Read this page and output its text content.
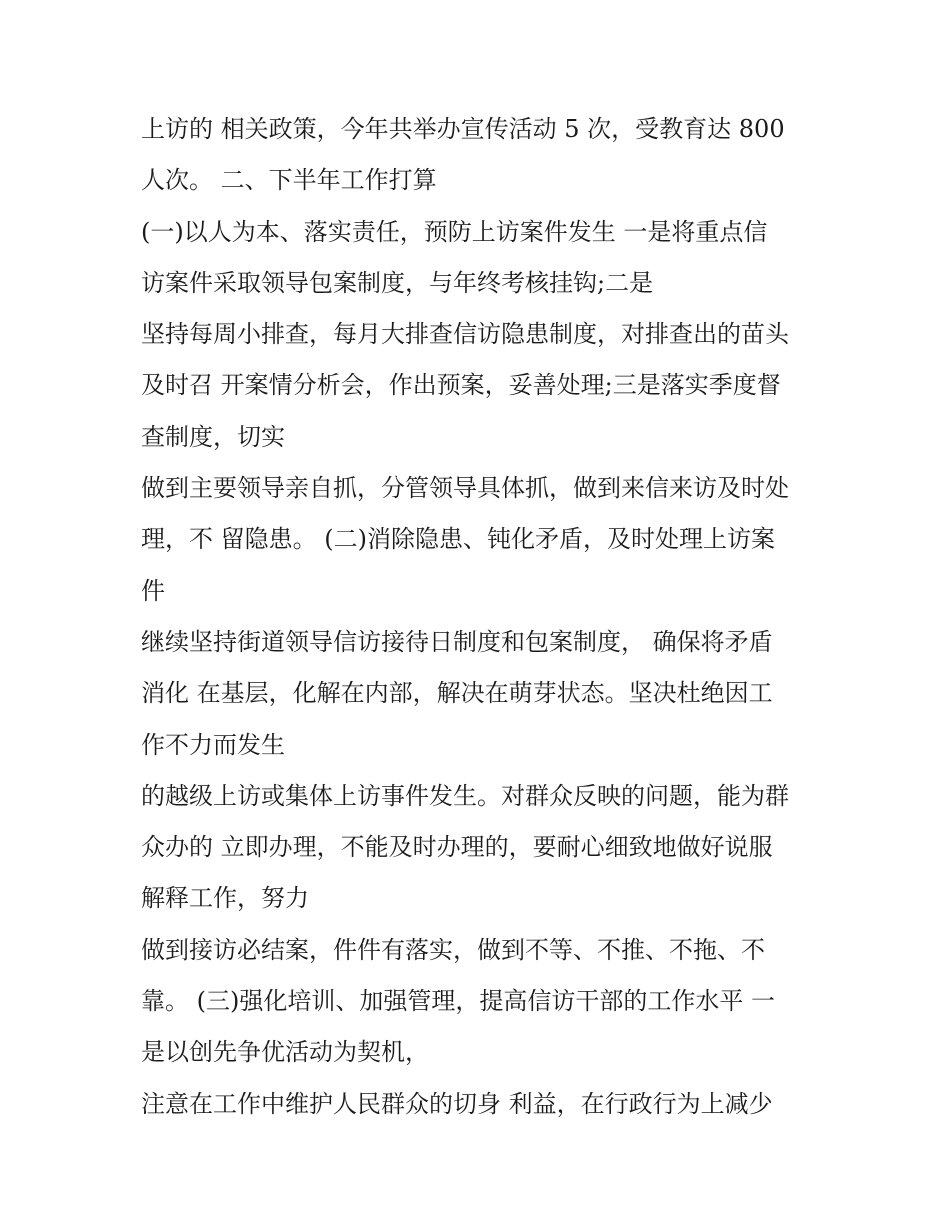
上访的 相关政策，今年共举办宣传活动 5 次，受教育达 800
人次。 二、下半年工作打算
(一)以人为本、落实责任，预防上访案件发生 一是将重点信
访案件采取领导包案制度，与年终考核挂钩;二是
坚持每周小排查，每月大排查信访隐患制度，对排查出的苗头
及时召 开案情分析会，作出预案，妥善处理;三是落实季度督
查制度，切实
做到主要领导亲自抓，分管领导具体抓，做到来信来访及时处
理，不 留隐患。 (二)消除隐患、钝化矛盾，及时处理上访案
件
继续坚持街道领导信访接待日制度和包案制度， 确保将矛盾
消化 在基层，化解在内部，解决在萌芽状态。坚决杜绝因工
作不力而发生
的越级上访或集体上访事件发生。对群众反映的问题，能为群
众办的 立即办理，不能及时办理的，要耐心细致地做好说服
解释工作，努力
做到接访必结案，件件有落实，做到不等、不推、不拖、不
靠。 (三)强化培训、加强管理，提高信访干部的工作水平 一
是以创先争优活动为契机，
注意在工作中维护人民群众的切身 利益，在行政行为上减少
